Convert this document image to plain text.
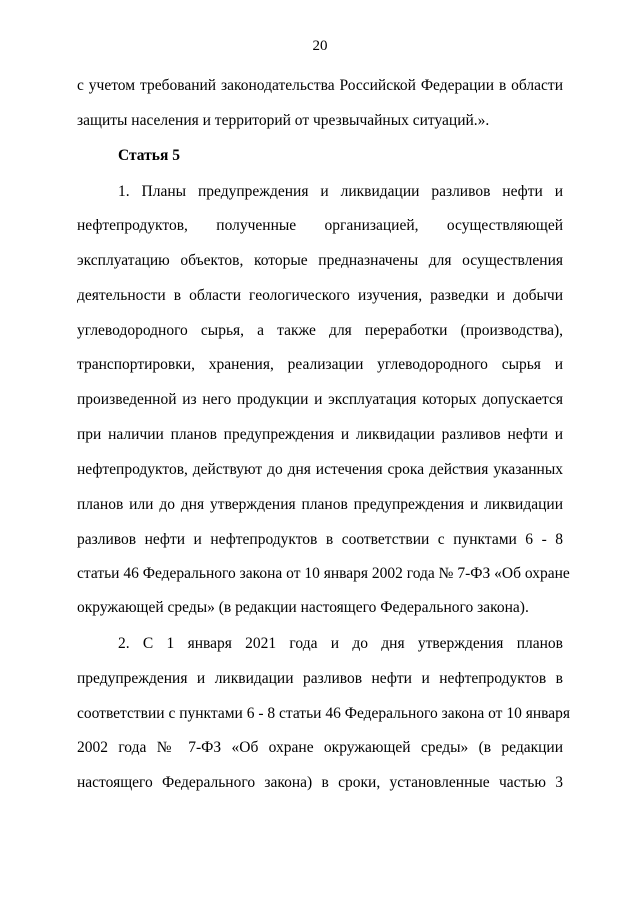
20
с учетом требований законодательства Российской Федерации в области
защиты населения и территорий от чрезвычайных ситуаций.».
Статья 5
1. Планы предупреждения и ликвидации разливов нефти и
нефтепродуктов, полученные организацией, осуществляющей
эксплуатацию объектов, которые предназначены для осуществления
деятельности в области геологического изучения, разведки и добычи
углеводородного сырья, а также для переработки (производства),
транспортировки, хранения, реализации углеводородного сырья и
произведенной из него продукции и эксплуатация которых допускается
при наличии планов предупреждения и ликвидации разливов нефти и
нефтепродуктов, действуют до дня истечения срока действия указанных
планов или до дня утверждения планов предупреждения и ликвидации
разливов нефти и нефтепродуктов в соответствии с пунктами 6 - 8
статьи 46 Федерального закона от 10 января 2002 года № 7-ФЗ «Об охране
окружающей среды» (в редакции настоящего Федерального закона).
2. С 1 января 2021 года и до дня утверждения планов
предупреждения и ликвидации разливов нефти и нефтепродуктов в
соответствии с пунктами 6 - 8 статьи 46 Федерального закона от 10 января
2002 года № 7-ФЗ «Об охране окружающей среды» (в редакции
настоящего Федерального закона) в сроки, установленные частью 3
